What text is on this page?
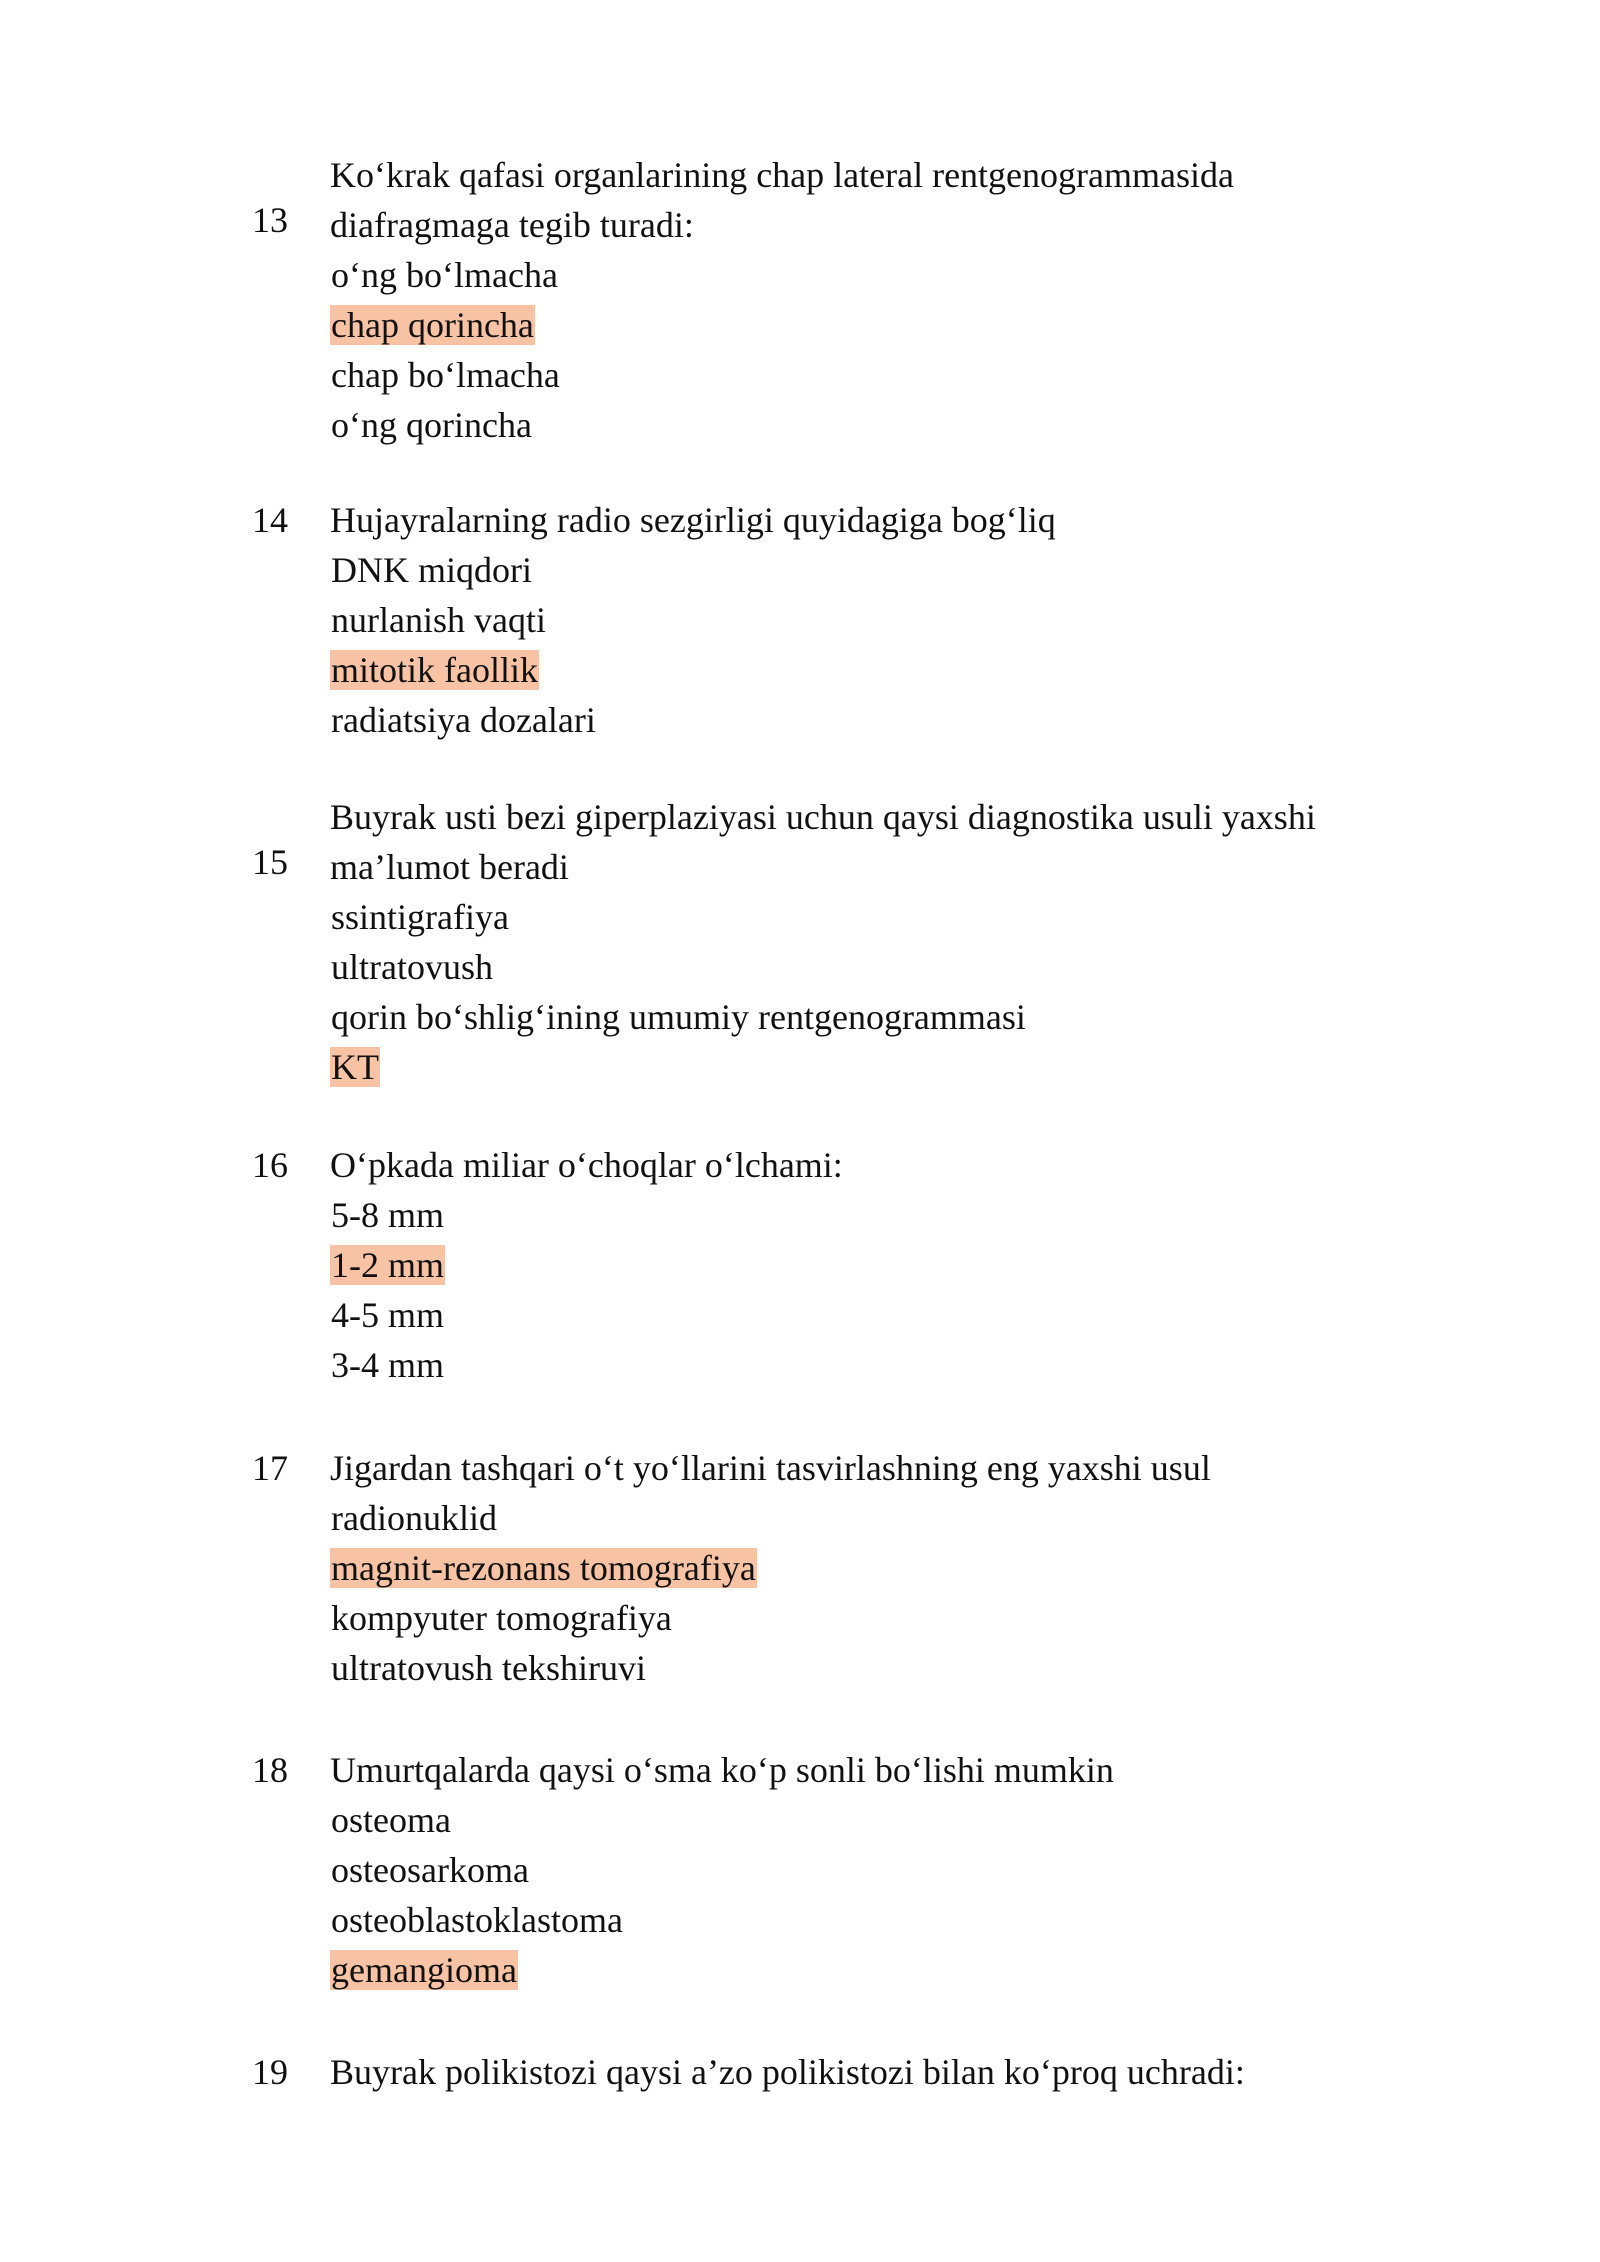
13
Ko‘krak qafasi organlarining chap lateral rentgenogrammasida
diafragmaga tegib turadi:
o‘ng bo‘lmacha
chap qorincha
chap bo‘lmacha
o‘ng qorincha
14 Hujayralarning radio sezgirligi quyidagiga bog‘liq
DNK miqdori
nurlanish vaqti
mitotik faollik
radiatsiya dozalari
15
Buyrak usti bezi giperplaziyasi uchun qaysi diagnostika usuli yaxshi
ma’lumot beradi
ssintigrafiya
ultratovush
qorin bo‘shlig‘ining umumiy rentgenogrammasi
KT
16 O‘pkada miliar o‘choqlar o‘lchami:
5-8 mm
1-2 mm
4-5 mm
3-4 mm
17 Jigardan tashqari o‘t yo‘llarini tasvirlashning eng yaxshi usul
radionuklid
magnit-rezonans tomografiya
kompyuter tomografiya
ultratovush tekshiruvi
18 Umurtqalarda qaysi o‘sma ko‘p sonli bo‘lishi mumkin
osteoma
osteosarkoma
osteoblastoklastoma
gemangioma
19 Buyrak polikistozi qaysi a’zo polikistozi bilan ko‘proq uchradi:
